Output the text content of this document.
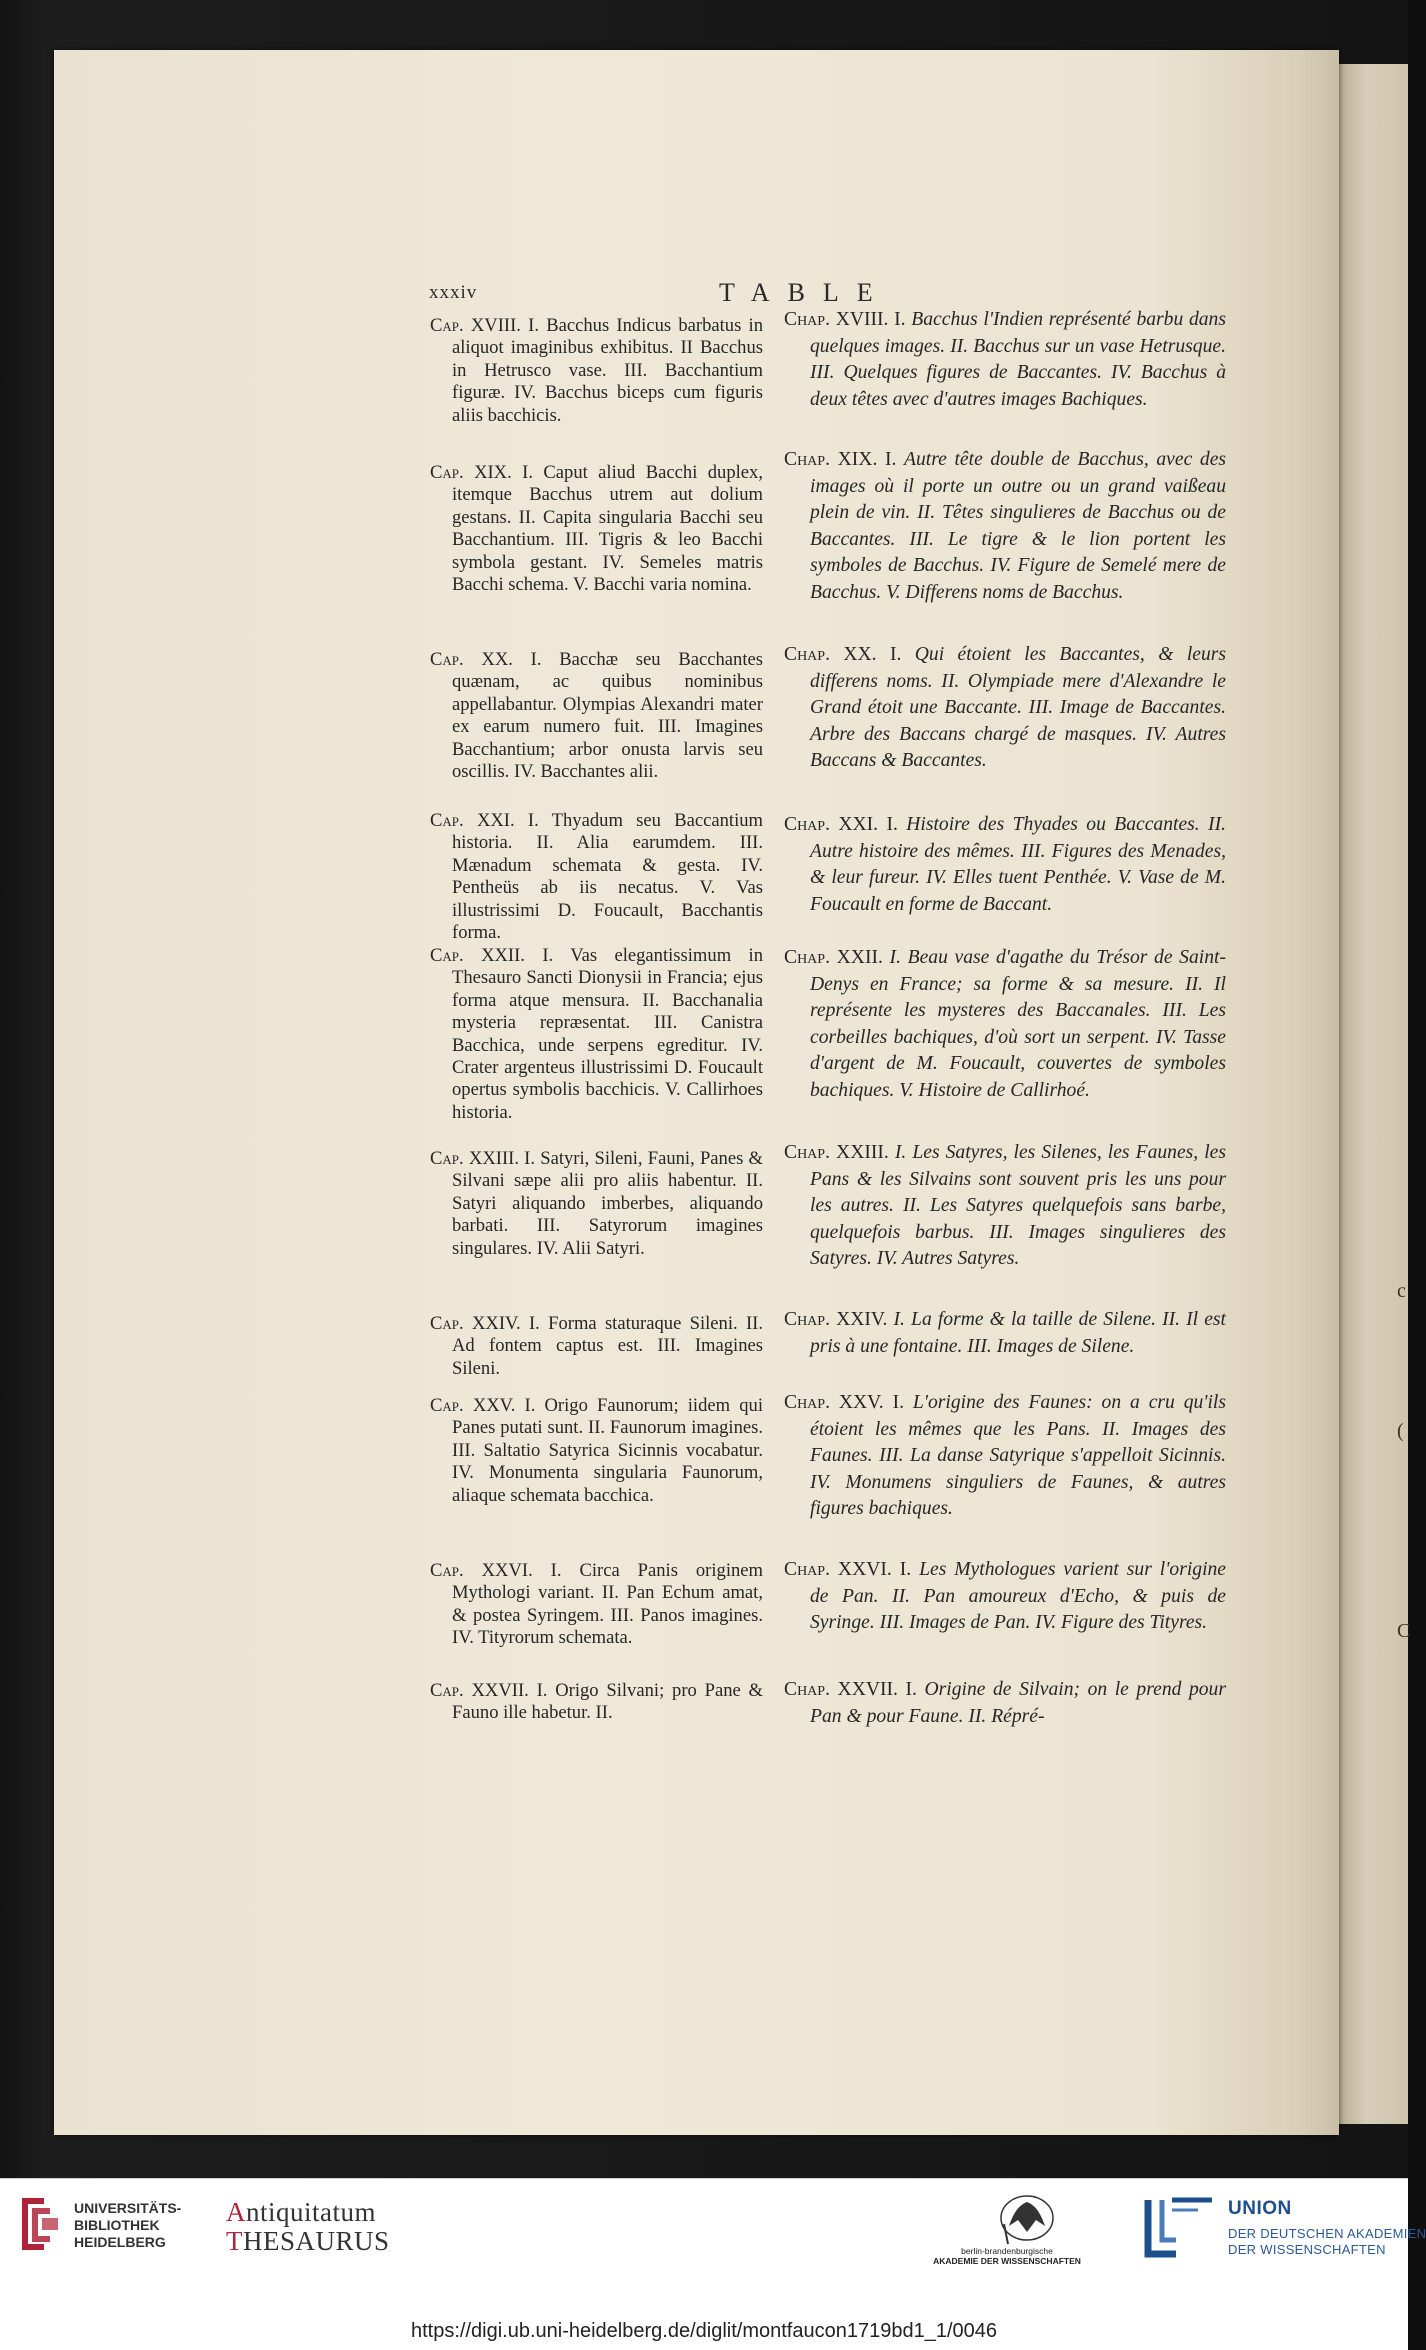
c
(
C
xxxiv	TABLE
Cap. XVIII. I. Bacchus Indicus barbatus in aliquot imaginibus exhibitus. II Bacchus in Hetrusco vase. III. Bacchantium figuræ. IV. Bacchus biceps cum figuris aliis bacchicis.
Cap. XIX. I. Caput aliud Bacchi duplex, itemque Bacchus utrem aut dolium gestans. II. Capita singularia Bacchi seu Bacchantium. III. Tigris & leo Bacchi symbola gestant. IV. Semeles matris Bacchi schema. V. Bacchi varia nomina.
Cap. XX. I. Bacchæ seu Bacchantes quænam, ac quibus nominibus appellabantur. Olympias Alexandri mater ex earum numero fuit. III. Imagines Bacchantium; arbor onusta larvis seu oscillis. IV. Bacchantes alii.
Cap. XXI. I. Thyadum seu Baccantium historia. II. Alia earumdem. III. Mænadum schemata & gesta. IV. Pentheüs ab iis necatus. V. Vas illustrissimi D. Foucault, Bacchantis forma.
Cap. XXII. I. Vas elegantissimum in Thesauro Sancti Dionysii in Francia; ejus forma atque mensura. II. Bacchanalia mysteria repræsentat. III. Canistra Bacchica, unde serpens egreditur. IV. Crater argenteus illustrissimi D. Foucault opertus symbolis bacchicis. V. Callirhoes historia.
Cap. XXIII. I. Satyri, Sileni, Fauni, Panes & Silvani sæpe alii pro aliis habentur. II. Satyri aliquando imberbes, aliquando barbati. III. Satyrorum imagines singulares. IV. Alii Satyri.
Cap. XXIV. I. Forma staturaque Sileni. II. Ad fontem captus est. III. Imagines Sileni.
Cap. XXV. I. Origo Faunorum; iidem qui Panes putati sunt. II. Faunorum imagines. III. Saltatio Satyrica Sicinnis vocabatur. IV. Monumenta singularia Faunorum, aliaque schemata bacchica.
Cap. XXVI. I. Circa Panis originem Mythologi variant. II. Pan Echum amat, & postea Syringem. III. Panos imagines. IV. Tityrorum schemata.
Cap. XXVII. I. Origo Silvani; pro Pane & Fauno ille habetur. II.
Chap. XVIII. I. Bacchus l'Indien représenté barbu dans quelques images. II. Bacchus sur un vase Hetrusque. III. Quelques figures de Baccantes. IV. Bacchus à deux têtes avec d'autres images Bachiques.
Chap. XIX. I. Autre tête double de Bacchus, avec des images où il porte un outre ou un grand vaißeau plein de vin. II. Têtes singulieres de Bacchus ou de Baccantes. III. Le tigre & le lion portent les symboles de Bacchus. IV. Figure de Semelé mere de Bacchus. V. Differens noms de Bacchus.
Chap. XX. I. Qui étoient les Baccantes, & leurs differens noms. II. Olympiade mere d'Alexandre le Grand étoit une Baccante. III. Image de Baccantes. Arbre des Baccans chargé de masques. IV. Autres Baccans & Baccantes.
Chap. XXI. I. Histoire des Thyades ou Baccantes. II. Autre histoire des mêmes. III. Figures des Menades, & leur fureur. IV. Elles tuent Penthée. V. Vase de M. Foucault en forme de Baccant.
Chap. XXII. I. Beau vase d'agathe du Trésor de Saint-Denys en France; sa forme & sa mesure. II. Il représente les mysteres des Baccanales. III. Les corbeilles bachiques, d'où sort un serpent. IV. Tasse d'argent de M. Foucault, couvertes de symboles bachiques. V. Histoire de Callirhoé.
Chap. XXIII. I. Les Satyres, les Silenes, les Faunes, les Pans & les Silvains sont souvent pris les uns pour les autres. II. Les Satyres quelquefois sans barbe, quelquefois barbus. III. Images singulieres des Satyres. IV. Autres Satyres.
Chap. XXIV. I. La forme & la taille de Silene. II. Il est pris à une fontaine. III. Images de Silene.
Chap. XXV. I. L'origine des Faunes: on a cru qu'ils étoient les mêmes que les Pans. II. Images des Faunes. III. La danse Satyrique s'appelloit Sicinnis. IV. Monumens singuliers de Faunes, & autres figures bachiques.
Chap. XXVI. I. Les Mythologues varient sur l'origine de Pan. II. Pan amoureux d'Echo, & puis de Syringe. III. Images de Pan. IV. Figure des Tityres.
Chap. XXVII. I. Origine de Silvain; on le prend pour Pan & pour Faune. II. Répré-
UNIVERSITÄTS-
BIBLIOTHEK
HEIDELBERG
Antiquitatum
THESAURUS	berlin-brandenburgische
AKADEMIE DER WISSENSCHAFTEN
UNION
DER DEUTSCHEN AKADEMIEN
DER WISSENSCHAFTEN
https://digi.ub.uni-heidelberg.de/diglit/montfaucon1719bd1_1/0046
